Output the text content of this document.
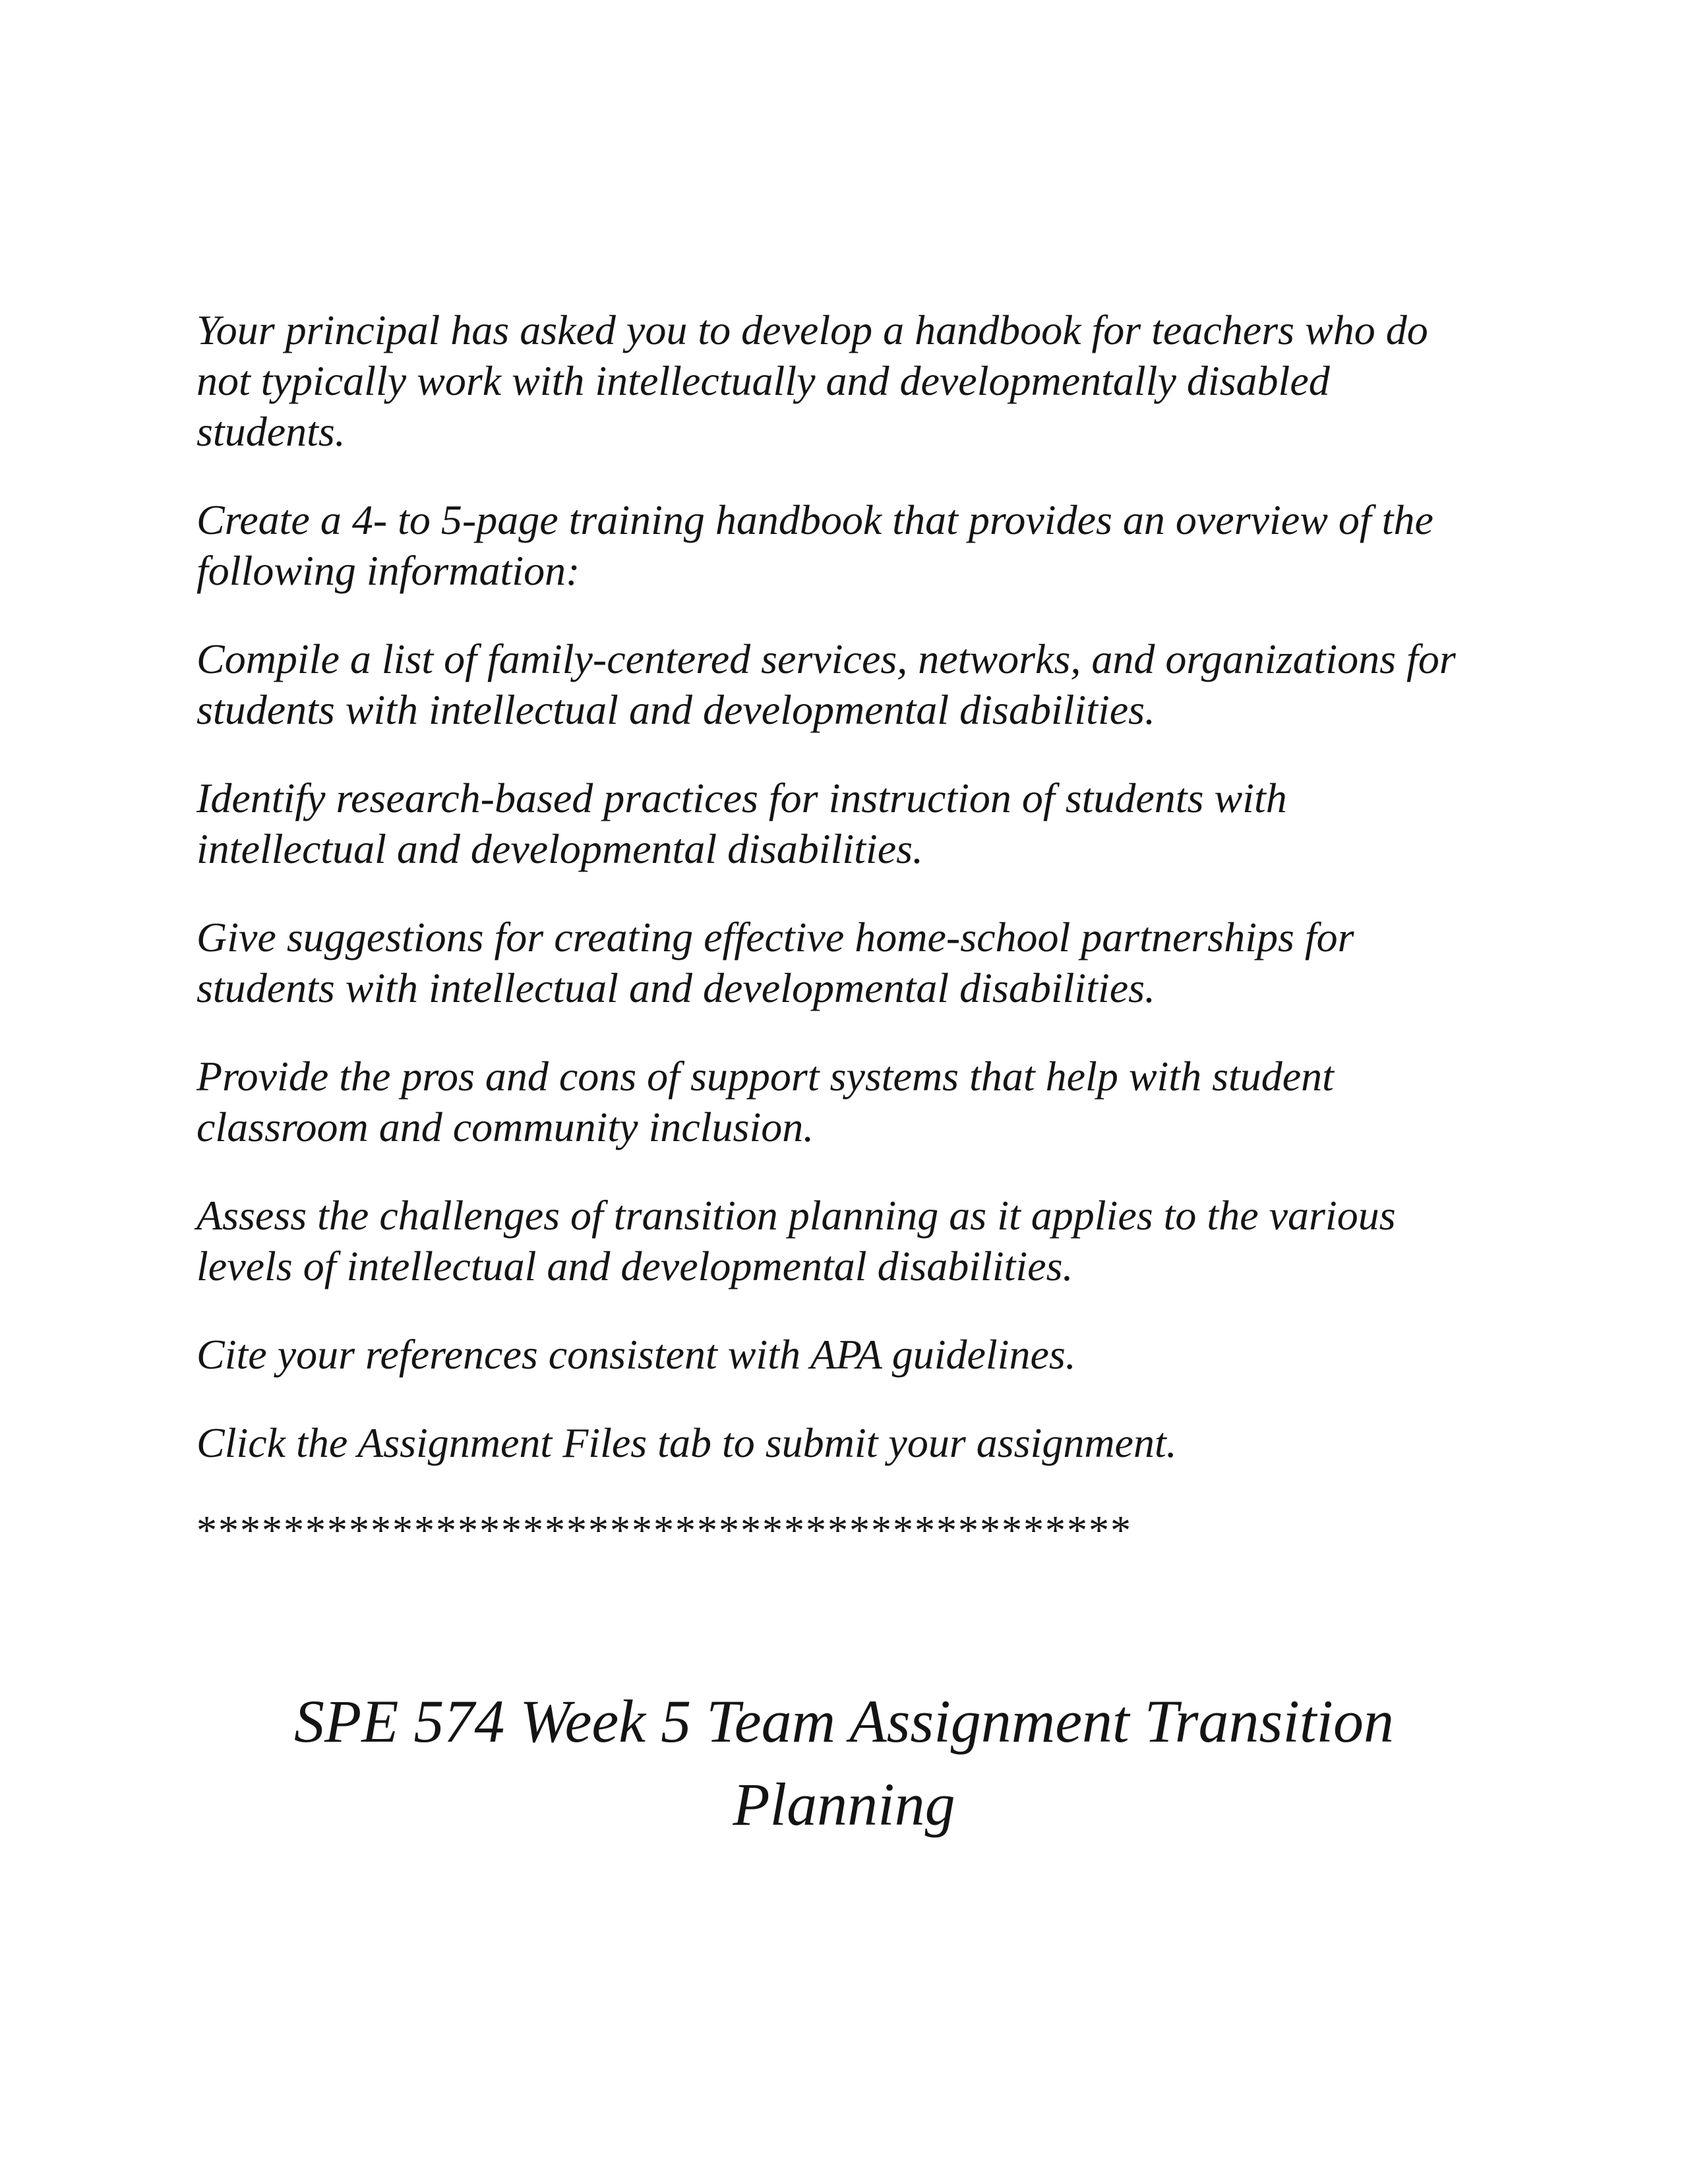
Your principal has asked you to develop a handbook for teachers who do not typically work with intellectually and developmentally disabled students.

Create a 4- to 5-page training handbook that provides an overview of the following information:

Compile a list of family-centered services, networks, and organizations for students with intellectual and developmental disabilities.

Identify research-based practices for instruction of students with intellectual and developmental disabilities.

Give suggestions for creating effective home-school partnerships for students with intellectual and developmental disabilities.

Provide the pros and cons of support systems that help with student classroom and community inclusion.

Assess the challenges of transition planning as it applies to the various levels of intellectual and developmental disabilities.

Cite your references consistent with APA guidelines.

Click the Assignment Files tab to submit your assignment.

*******************************************

SPE 574 Week 5 Team Assignment Transition Planning
